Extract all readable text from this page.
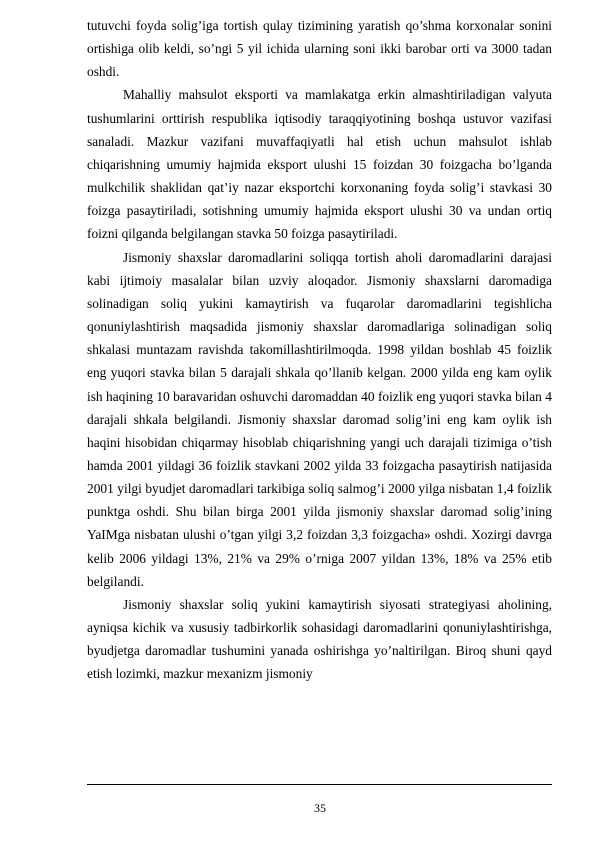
tutuvchi foyda solig’iga tortish qulay tizimining yaratish qo’shma korxonalar sonini ortishiga olib keldi, so’ngi 5 yil ichida ularning soni ikki barobar orti va 3000 tadan oshdi.

Mahalliy mahsulot eksporti va mamlakatga erkin almashtiriladigan valyuta tushumlarini orttirish respublika iqtisodiy taraqqiyotining boshqa ustuvor vazifasi sanaladi. Mazkur vazifani muvaffaqiyatli hal etish uchun mahsulot ishlab chiqarishning umumiy hajmida eksport ulushi 15 foizdan 30 foizgacha bo’lganda mulkchilik shaklidan qat’iy nazar eksportchi korxonaning foyda solig’i stavkasi 30 foizga pasaytiriladi, sotishning umumiy hajmida eksport ulushi 30 va undan ortiq foizni qilganda belgilangan stavka 50 foizga pasaytiriladi.

Jismoniy shaxslar daromadlarini soliqqa tortish aholi daromadlarini darajasi kabi ijtimoiy masalalar bilan uzviy aloqador. Jismoniy shaxslarni daromadiga solinadigan soliq yukini kamaytirish va fuqarolar daromadlarini tegishlicha qonuniylashtirish maqsadida jismoniy shaxslar daromadlariga solinadigan soliq shkalasi muntazam ravishda takomillashtirilmoqda. 1998 yildan boshlab 45 foizlik eng yuqori stavka bilan 5 darajali shkala qo’llanib kelgan. 2000 yilda eng kam oylik ish haqining 10 baravaridan oshuvchi daromaddan 40 foizlik eng yuqori stavka bilan 4 darajali shkala belgilandi. Jismoniy shaxslar daromad solig’ini eng kam oylik ish haqini hisobidan chiqarmay hisoblab chiqarishning yangi uch darajali tizimiga o’tish hamda 2001 yildagi 36 foizlik stavkani 2002 yilda 33 foizgacha pasaytirish natijasida 2001 yilgi byudjet daromadlari tarkibiga soliq salmog’i 2000 yilga nisbatan 1,4 foizlik punktga oshdi. Shu bilan birga 2001 yilda jismoniy shaxslar daromad solig’ining YaIMga nisbatan ulushi o’tgan yilgi 3,2 foizdan 3,3 foizgacha» oshdi. Xozirgi davrga kelib 2006 yildagi 13%, 21% va 29% o’rniga 2007 yildan 13%, 18% va 25% etib belgilandi.

Jismoniy shaxslar soliq yukini kamaytirish siyosati strategiyasi aholining, ayniqsa kichik va xususiy tadbirkorlik sohasidagi daromadlarini qonuniylashtirishga, byudjetga daromadlar tushumini yanada oshirishga yo’naltirilgan. Biroq shuni qayd etish lozimki, mazkur mexanizm jismoniy

35
